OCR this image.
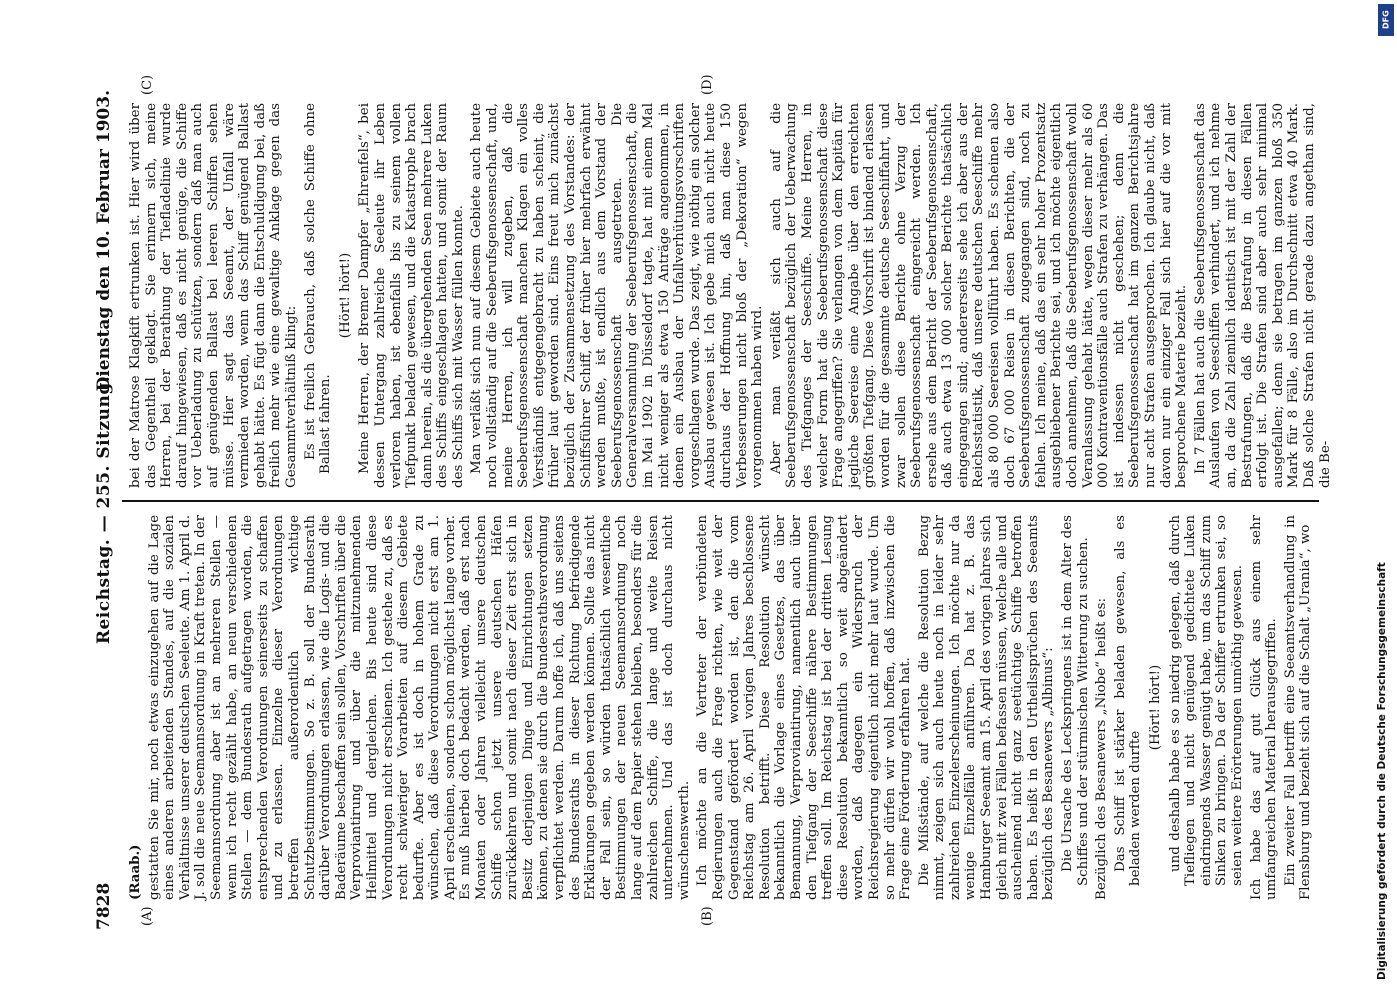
7828
Reichstag. — 255. Sitzung.
Dienstag den 10. Februar 1903.
(A)	(B)
(C)	(D)

(Raab.) gestatten Sie mir, noch etwas einzugehen auf die Lage eines anderen arbeitenden Standes, auf die sozialen Verhältnisse unserer deutschen Seeleute. Am 1. April d. J. soll die neue Seemannsordnung in Kraft treten. In der Seemannsordnung aber ist an mehreren Stellen — wenn ich recht gezählt habe, an neun verschiedenen Stellen — dem Bundesrath aufgetragen worden, die entsprechenden Verordnungen seinerseits zu schaffen und zu erlassen. Einzelne dieser Verordnungen betreffen außerordentlich wichtige Schutzbestimmungen. So z. B. soll der Bundesrath darüber Verordnungen erlassen, wie die Logis- und die Baderäume beschaffen sein sollen, Vorschriften über die Verproviantirung und über die mitzunehmenden Heilmittel und dergleichen. Bis heute sind diese Verordnungen nicht erschienen. Ich gestehe zu, daß es recht schwieriger Vorarbeiten auf diesem Gebiete bedurfte. Aber es ist doch in hohem Grade zu wünschen, daß diese Verordnungen nicht erst am 1. April erscheinen, sondern schon möglichst lange vorher. Es muß hierbei doch bedacht werden, daß erst nach Monaten oder Jahren vielleicht unsere deutschen Schiffe schon jetzt unsere deutschen Häfen zurückkehren und somit nach dieser Zeit erst sich in Besitz derjenigen Dinge und Einrichtungen setzen können, zu denen sie durch die Bundesrathsverordnung verpflichtet werden. Darum hoffe ich, daß uns seitens des Bundesraths in dieser Richtung befriedigende Erklärungen gegeben werden können. Sollte das nicht der Fall sein, so würden thatsächlich wesentliche Bestimmungen der neuen Seemannsordnung noch lange auf dem Papier stehen bleiben, besonders für die zahlreichen Schiffe, die lange und weite Reisen unternehmen. Und das ist doch durchaus nicht wünschenswerth. Ich möchte an die Vertreter der verbündeten Regierungen auch die Frage richten, wie weit der Gegenstand gefördert worden ist, den die vom Reichstag am 26. April vorigen Jahres beschlossene Resolution betrifft. Diese Resolution wünscht bekanntlich die Vorlage eines Gesetzes, das über Bemannung, Verproviantirung, namentlich auch über den Tiefgang der Seeschiffe nähere Bestimmungen treffen soll. Im Reichstag ist bei der dritten Lesung diese Resolution bekanntlich so weit abgeändert worden, daß dagegen ein Widerspruch der Reichsregierung eigentlich nicht mehr laut wurde. Um so mehr dürfen wir wohl hoffen, daß inzwischen die Frage eine Förderung erfahren hat. Die Mißstände, auf welche die Resolution Bezug nimmt, zeigen sich auch heute noch in leider sehr zahlreichen Einzelerscheinungen. Ich möchte nur da wenige Einzelfälle anführen. Da hat z. B. das Hamburger Seeamt am 15. April des vorigen Jahres sich gleich mit zwei Fällen befassen müssen, welche alle und auscheinend nicht ganz seetüchtige Schiffe betroffen haben. Es heißt in den Urtheilssprüchen des Seeamts bezüglich des Besanewers „Albinus“: Die Ursache des Leckspringens ist in dem Alter des Schiffes und der stürmischen Witterung zu suchen. Bezüglich des Besanewers „Niobe“ heißt es: Das Schiff ist stärker beladen gewesen, als es beladen werden durfte

(Hört! hört!) und deshalb habe es so niedrig gelegen, daß durch Tiefliegen und nicht genügend gedichtete Luken eindringends Wasser genügt habe, um das Schiff zum Sinken zu bringen. Da der Schiffer ertrunken sei, so seien weitere Erörterungen unnöthig gewesen. Ich habe das auf gut Glück aus einem sehr umfangreichen Material herausgegriffen. Ein zweiter Fall betrifft eine Seeamtsverhandlung in Flensburg und bezieht sich auf die Schalt „Urania“, wo

bei der Matrose Klagkift ertrunken ist. Hier wird über das Gegentheil geklagt. Sie erinnern sich, meine Herren, bei der Berathung der Tiefladelinie wurde darauf hingewiesen, daß es nicht genüge, die Schiffe vor Ueberladung zu schützen, sondern daß man auch auf genügenden Ballast bei leeren Schiffen sehen müsse. Hier sagt das Seeamt, der Unfall wäre vermieden worden, wenn das Schiff genügend Ballast gehabt hätte. Es fügt dann die Entschuldigung bei, daß freilich mehr wie eine gewaltige Anklage gegen das Gesammtverhältniß klingt: Es ist freilich Gebrauch, daß solche Schiffe ohne Ballast fahren.

(Hört! hört!) Meine Herren, der Bremer Dampfer „Ehrenfels“, bei dessen Untergang zahlreiche Seeleute ihr Leben verloren haben, ist ebenfalls bis zu seinem vollen Tiefpunkt beladen gewesen, und die Katastrophe brach dann herein, als die übergehenden Seen mehrere Luken des Schiffs eingeschlagen hatten, und somit der Raum des Schiffs sich mit Wasser füllen konnte. Man verläßt sich nun auf diesem Gebiete auch heute noch vollständig auf die Seeberufsgenossenschaft, und, meine Herren, ich will zugeben, daß die Seeberufsgenossenschaft manchen Klagen ein volles Verständniß entgegengebracht zu haben scheint, die früher laut geworden sind. Eins freut mich zunächst bezüglich der Zusammensetzung des Vorstandes: der Schiffsführer Schiff, der früher hier mehrfach erwähnt werden mußte, ist endlich aus dem Vorstand der Seeberufsgenossenschaft ausgetreten. Die Generalversammlung der Seeberufsgenossenschaft, die im Mai 1902 in Düsseldorf tagte, hat mit einem Mal nicht weniger als etwa 150 Anträge angenommen, in denen ein Ausbau der Unfallverhütungsvorschriften vorgeschlagen wurde. Das zeigt, wie nöthig ein solcher Ausbau gewesen ist. Ich gebe mich auch nicht heute durchaus der Hoffnung hin, daß man diese 150 Verbesserungen nicht bloß der „Dekoration“ wegen vorgenommen haben wird. Aber man verläßt sich auch auf die Seeberufsgenossenschaft bezüglich der Ueberwachung des Tiefganges der Seeschiffe. Meine Herren, in welcher Form hat die Seeberufsgenossenschaft diese Frage angegriffen? Sie verlangen von dem Kapitän für jegliche Seereise eine Angabe über den erreichten größten Tiefgang. Diese Vorschrift ist bindend erlassen worden für die gesammte deutsche Seeschiffahrt, und zwar sollen diese Berichte ohne Verzug der Seeberufsgenossenschaft eingereicht werden. Ich ersehe aus dem Bericht der Seeberufsgenossenschaft, daß auch etwa 13 000 solcher Berichte thatsächlich eingegangen sind; andererseits sehe ich aber aus der Reichsstatistik, daß unsere deutschen Seeschiffe mehr als 80 000 Seereisen vollführt haben. Es scheinen also doch 67 000 Reisen in diesen Berichten, die der Seeberufsgenossenschaft zugegangen sind, noch zu fehlen. Ich meine, daß das ein sehr hoher Prozentsatz ausgebliebener Berichte sei, und ich möchte eigentlich doch annehmen, daß die Seeberufsgenossenschaft wohl Veranlassung gehabt hätte, wegen dieser mehr als 60 000 Kontraventionsfälle auch Strafen zu verhängen. Das ist indessen nicht geschehen; denn die Seeberufsgenossenschaft hat im ganzen Berichtsjahre nur acht Strafen ausgesprochen. Ich glaube nicht, daß davon nur ein einziger Fall sich hier auf die vor mit besprochene Materie bezieht. In 7 Fällen hat auch die Seeberufsgenossenschaft das Auslaufen von Seeschiffen verhindert, und ich nehme an, da die Zahl ziemlich identisch ist mit der Zahl der Bestrafungen, daß die Bestrafung in diesen Fällen erfolgt ist. Die Strafen sind aber auch sehr minimal ausgefallen; denn sie betragen im ganzen bloß 350 Mark für 8 Fälle, also im Durchschnitt etwa 40 Mark. Daß solche Strafen nicht gerade dazu angethan sind, die Be-

DFG
Digitalisierung gefördert durch die Deutsche Forschungsgemeinschaft
